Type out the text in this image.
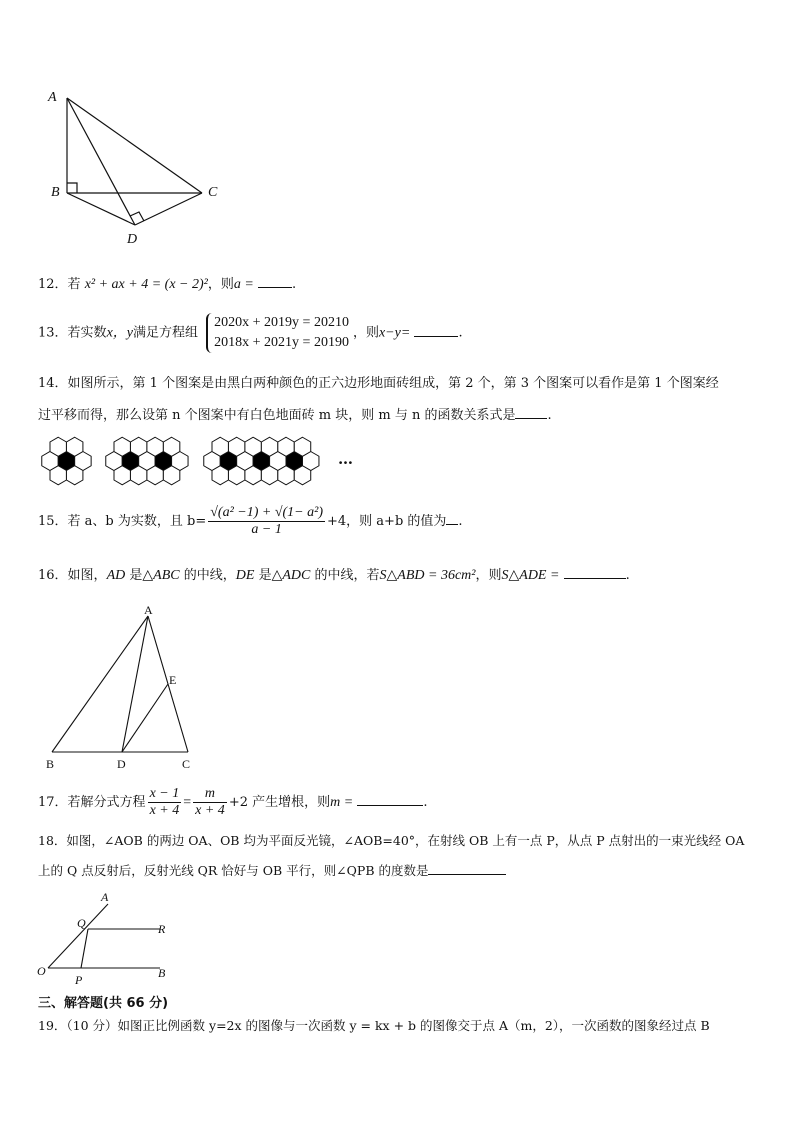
A
B	C
D
12．若 x² + ax + 4 = (x − 2)²，则a =	.
13．若实数x，y满足方程组
2020x + 2019y = 20210
2018x + 2021y = 20190
，则x−y=	.
14．如图所示，第 1 个图案是由黑白两种颜色的正六边形地面砖组成，第 2 个，第 3 个图案可以看作是第 1 个图案经
过平移而得，那么设第 n 个图案中有白色地面砖 m 块，则 m 与 n 的函数关系式是 .
…
15．若 a、b 为实数，且 $b= \frac{\text{√(a² −1) + √(1− a²)}}{a - 1} +4$，则 a+b 的值为 .
16．如图，AD 是△ABC 的中线，DE 是△ADC 的中线，若S△ABD = 36cm²，则S△ADE =	.
A
E
B	D	C
17．若解分式方程 $\frac{x - 1}{x + 4} = \frac{m}{x + 4} +2$ 产生增根，则m =	.
18．如图，∠AOB 的两边 OA、OB 均为平面反光镜，∠AOB=40°，在射线 OB 上有一点 P，从点 P 点射出的一束光线经 OA
上的 Q 点反射后，反射光线 QR 恰好与 OB 平行，则∠QPB 的度数是
A
Q	R
O
P	B
三、解答题(共 66 分)
19．（10 分）如图正比例函数 y=2x 的图像与一次函数 y = kx + b 的图像交于点 A（m，2），一次函数的图象经过点 B
